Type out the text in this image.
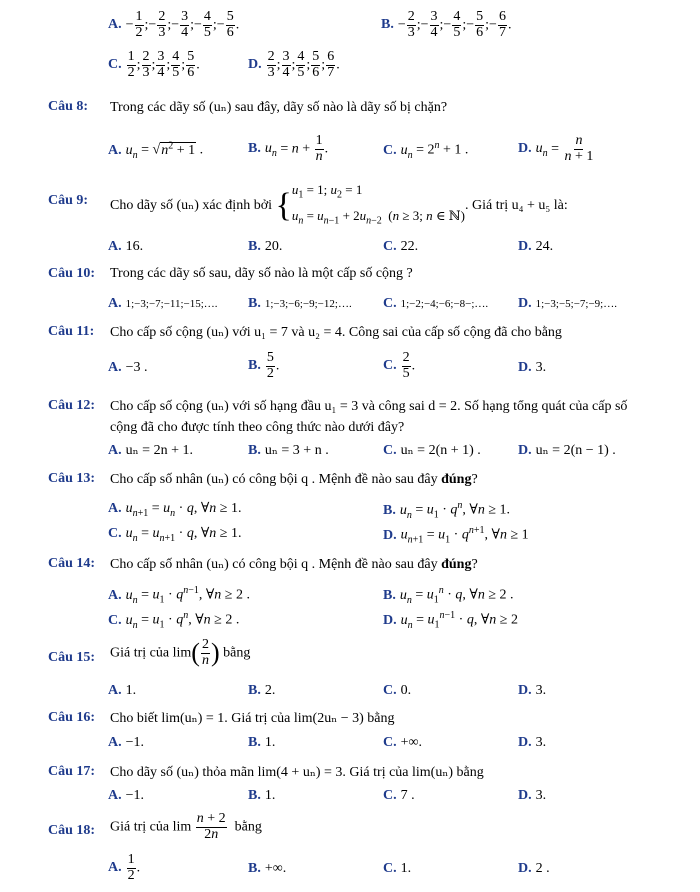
A. − $\frac{1}{2}$ ;− $\frac{2}{3}$ ;− $\frac{3}{4}$ ;− $\frac{4}{5}$ ;− $\frac{5}{6}$ .	B. − $\frac{2}{3}$ ;− $\frac{3}{4}$ ;− $\frac{4}{5}$ ;− $\frac{5}{6}$ ;− $\frac{6}{7}$ .
C. $\frac{1}{2}$ ; $\frac{2}{3}$ ; $\frac{3}{4}$ ; $\frac{4}{5}$ ; $\frac{5}{6}$ .	D. $\frac{2}{3}$ ; $\frac{3}{4}$ ; $\frac{4}{5}$ ; $\frac{5}{6}$ ; $\frac{6}{7}$ .
Câu 8: Trong các dãy số (uₙ) sau đây, dãy số nào là dãy số bị chặn?
A. $u_n = √n^2 + 1$ .	B. $u_n = n + \frac{1}{n}$ .	C. $u_n = 2^n + 1$ .	D. $u_n = \frac{n}{n + 1}$
Câu 9: Cho dãy số (uₙ) xác định bởi { $u_1 = 1$; $u_2 = 1$
$u_n = u_{n-1} + 2u_{n-2}$  (n ≥ 3; n ∈ ℕ)
. Giá trị u₄ + u₅ là:
A. 16.	B. 20.	C. 22.	D. 24.
Câu 10: Trong các dãy số sau, dãy số nào là một cấp số cộng ?
A. 1;−3;−7;−11;−15;…. B. 1;−3;−6;−9;−12;…. C. 1;−2;−4;−6;−8−;…. D. 1;−3;−5;−7;−9;….
Câu 11: Cho cấp số cộng (uₙ) với u₁ = 7 và u₂ = 4. Công sai của cấp số cộng đã cho bằng
A. −3 .	B. $\frac{5}{2}$ .	C. $\frac{2}{5}$ .	D. 3.
Câu 12: Cho cấp số cộng (uₙ) với số hạng đầu u₁ = 3 và công sai d = 2. Số hạng tổng quát của cấp số
cộng đã cho được tính theo công thức nào dưới đây?
A. uₙ = 2n + 1.	B. uₙ = 3 + n .	C. uₙ = 2(n + 1) .	D. uₙ = 2(n − 1) .
Câu 13: Cho cấp số nhân (uₙ) có công bội q . Mệnh đề nào sau đây đúng?
A. $u_{n+1} = u_n \cdot q$, ∀n ≥ 1.	B. $u_n = u_1 \cdot q^n$, ∀n ≥ 1.
C. $u_n = u_{n+1} \cdot q$, ∀n ≥ 1.	D. $u_{n+1} = u_1 \cdot q^{n+1}$, ∀n ≥ 1
Câu 14: Cho cấp số nhân (uₙ) có công bội q . Mệnh đề nào sau đây đúng?
A. $u_n = u_1 \cdot q^{n-1}$, ∀n ≥ 2 .	B. $u_n = u_1^n \cdot q$, ∀n ≥ 2 .
C. $u_n = u_1 \cdot q^n$, ∀n ≥ 2 .	D. $u_n = u_1^{n-1} \cdot q$, ∀n ≥ 2
Câu 15: Giá trị của $\lim( \frac{2}{n}$ ) bằng
A. 1.	B. 2.	C. 0.	D. 3.
Câu 16: Cho biết lim(uₙ) = 1. Giá trị của lim(2uₙ − 3) bằng
A. −1.	B. 1.	C. +∞.	D. 3.
Câu 17: Cho dãy số (uₙ) thỏa mãn lim(4 + uₙ) = 3. Giá trị của lim(uₙ) bằng
A. −1.	B. 1.	C. 7 .	D. 3.
Câu 18: Giá trị của $\lim \frac{n + 2}{2n}$ bằng
A. $\frac{1}{2}$ .	B. +∞.	C. 1.	D. 2 .
